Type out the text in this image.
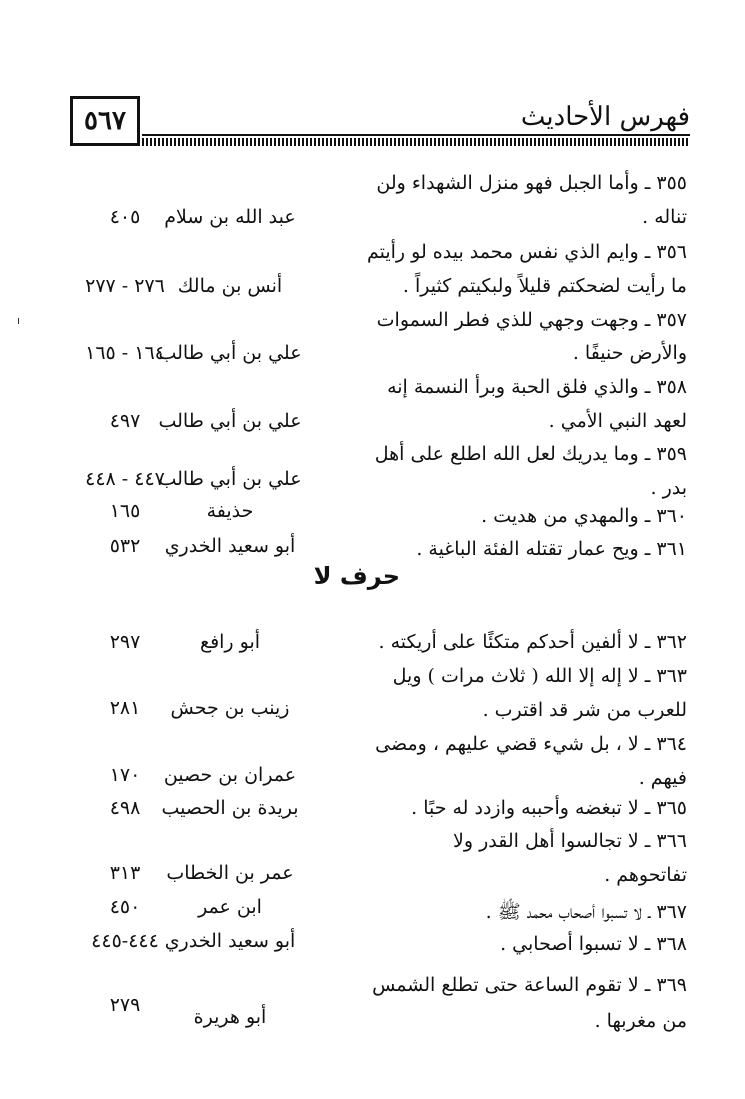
٥٦٧	فهرس الأحاديث
حرف لا
٣٥٥ ـ وأما الجبل فهو منزل الشهداء ولن
تناله .
عبد الله بن سلام
٤٠٥
٣٥٦ ـ وايم الذي نفس محمد بيده لو رأيتم
ما رأيت لضحكتم قليلاً ولبكيتم كثيراً .
أنس بن مالك
٢٧٦ - ٢٧٧
٣٥٧ ـ وجهت وجهي للذي فطر السموات
والأرض حنيفًا .
علي بن أبي طالب
١٦٤ - ١٦٥
٣٥٨ ـ والذي فلق الحبة وبرأ النسمة إنه
لعهد النبي الأمي .
علي بن أبي طالب
٤٩٧
٣٥٩ ـ وما يدريك لعل الله اطلع على أهل
بدر .
علي بن أبي طالب
٤٤٧ - ٤٤٨
٣٦٠ ـ والمهدي من هديت .
حذيفة
١٦٥
٣٦١ ـ ويح عمار تقتله الفئة الباغية .
أبو سعيد الخدري
٥٣٢
٣٦٢ ـ لا ألفين أحدكم متكئًا على أريكته .
أبو رافع
٢٩٧
٣٦٣ ـ لا إله إلا الله ( ثلاث مرات ) ويل
للعرب من شر قد اقترب .
زينب بن جحش
٢٨١
٣٦٤ ـ لا ، بل شيء قضي عليهم ، ومضى
فيهم .
عمران بن حصين
١٧٠
٣٦٥ ـ لا تبغضه وأحببه وازدد له حبًا .
بريدة بن الحصيب
٤٩٨
٣٦٦ ـ لا تجالسوا أهل القدر ولا
تفاتحوهم .
عمر بن الخطاب
٣١٣
٣٦٧ ـ لا تسبوا أصحاب محمد ﷺ .
ابن عمر
٤٥٠
٣٦٨ ـ لا تسبوا أصحابي .
أبو سعيد الخدري
٤٤٤-٤٤٥
٣٦٩ ـ لا تقوم الساعة حتى تطلع الشمس
من مغربها .
أبو هريرة
٢٧٩
